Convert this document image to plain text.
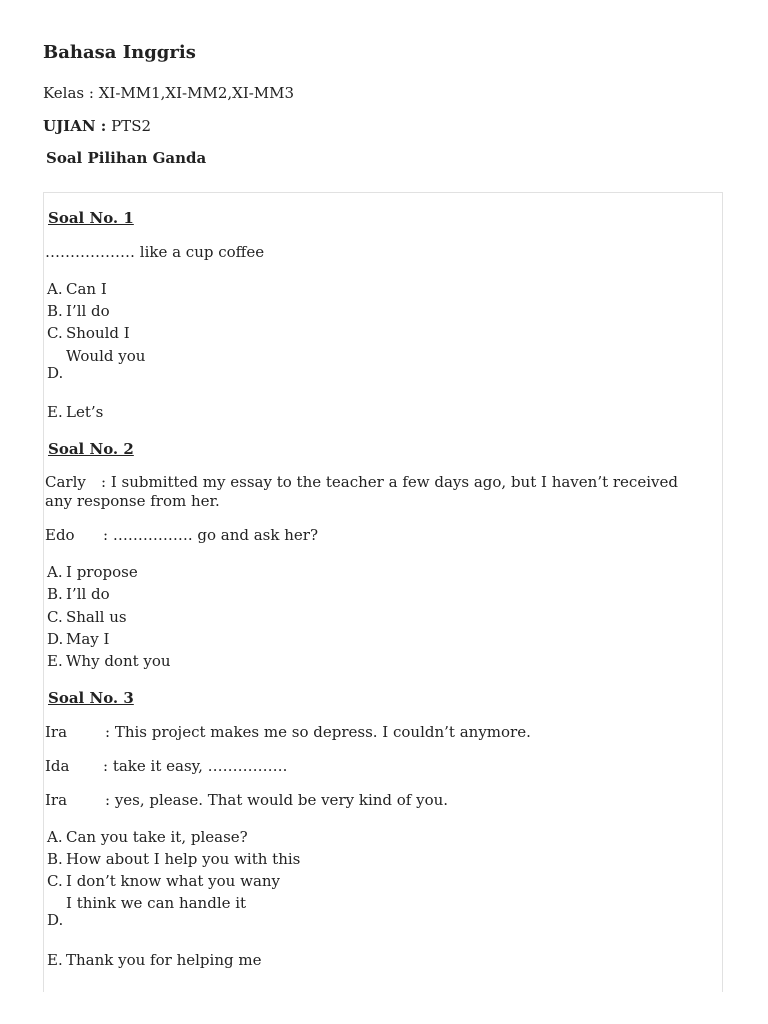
Bahasa Inggris
Kelas : XI-MM1,XI-MM2,XI-MM3
UJIAN : PTS2
Soal Pilihan Ganda
Soal No. 1
……………… like a cup coffee
A. Can I
B. I’ll do
C. Should I
Would you
D.
E. Let’s
Soal No. 2
Carly : I submitted my essay to the teacher a few days ago, but I haven’t received any response from her.
Edo : ……………. go and ask her?
A. I propose
B. I’ll do
C. Shall us
D. May I
E. Why dont you
Soal No. 3
Ira	: This project makes me so depress. I couldn’t anymore.
Ida : take it easy, …………….
Ira	: yes, please. That would be very kind of you.
A. Can you take it, please?
B. How about I help you with this
C. I don’t know what you wany
I think we can handle it
D.
E. Thank you for helping me
